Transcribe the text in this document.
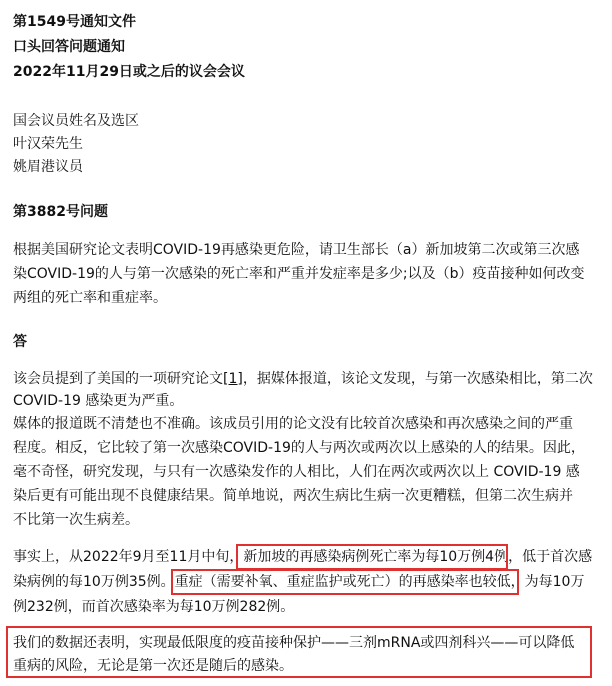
第1549号通知文件
口头回答问题通知
2022年11月29日或之后的议会会议
国会议员姓名及选区
叶汉荣先生
姚眉港议员
第3882号问题
根据美国研究论文表明COVID-19再感染更危险，请卫生部长（a）新加坡第二次或第三次感
染COVID-19的人与第一次感染的死亡率和严重并发症率是多少;以及（b）疫苗接种如何改变
两组的死亡率和重症率。
答
该会员提到了美国的一项研究论文[1]，据媒体报道，该论文发现，与第一次感染相比，第二次
COVID-19 感染更为严重。
媒体的报道既不清楚也不准确。该成员引用的论文没有比较首次感染和再次感染之间的严重
程度。相反，它比较了第一次感染COVID-19的人与两次或两次以上感染的人的结果。因此，
毫不奇怪，研究发现，与只有一次感染发作的人相比，人们在两次或两次以上 COVID-19 感
染后更有可能出现不良健康结果。简单地说，两次生病比生病一次更糟糕，但第二次生病并
不比第一次生病差。
事实上，从2022年9月至11月中旬，新加坡的再感染病例死亡率为每10万例4例，低于首次感
染病例的每10万例35例。重症（需要补氧、重症监护或死亡）的再感染率也较低，为每10万
例232例，而首次感染率为每10万例282例。
我们的数据还表明，实现最低限度的疫苗接种保护——三剂mRNA或四剂科兴——可以降低
重病的风险，无论是第一次还是随后的感染。
